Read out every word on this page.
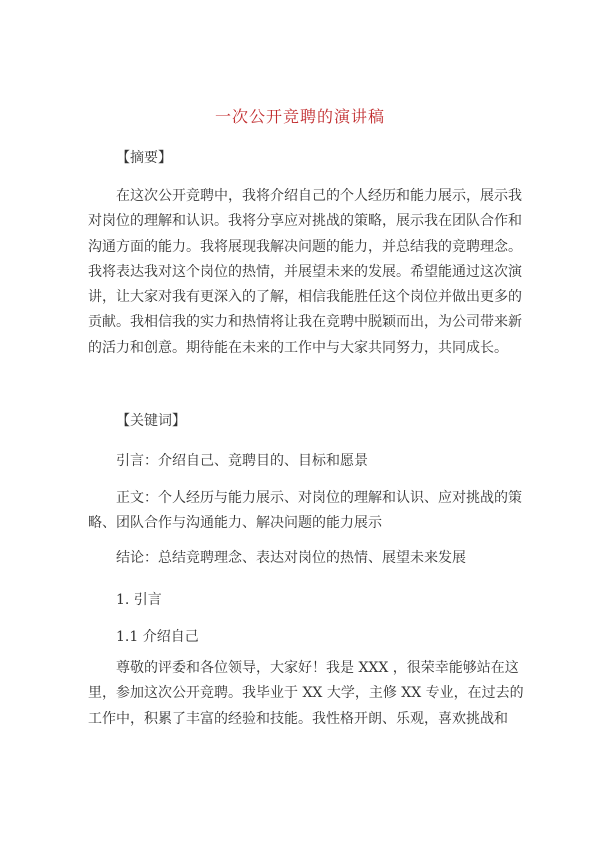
一次公开竞聘的演讲稿
【摘要】

在这次公开竞聘中，我将介绍自己的个人经历和能力展示，展示我对岗位的理解和认识。我将分享应对挑战的策略，展示我在团队合作和沟通方面的能力。我将展现我解决问题的能力，并总结我的竞聘理念。我将表达我对这个岗位的热情，并展望未来的发展。希望能通过这次演讲，让大家对我有更深入的了解，相信我能胜任这个岗位并做出更多的贡献。我相信我的实力和热情将让我在竞聘中脱颖而出，为公司带来新的活力和创意。期待能在未来的工作中与大家共同努力，共同成长。

【关键词】
引言：介绍自己、竞聘目的、目标和愿景

正文：个人经历与能力展示、对岗位的理解和认识、应对挑战的策略、团队合作与沟通能力、解决问题的能力展示

结论：总结竞聘理念、表达对岗位的热情、展望未来发展
1. 引言
1.1 介绍自己

尊敬的评委和各位领导，大家好！我是 XXX ，很荣幸能够站在这里，参加这次公开竞聘。我毕业于 XX 大学，主修 XX 专业，在过去的工作中，积累了丰富的经验和技能。我性格开朗、乐观，喜欢挑战和
